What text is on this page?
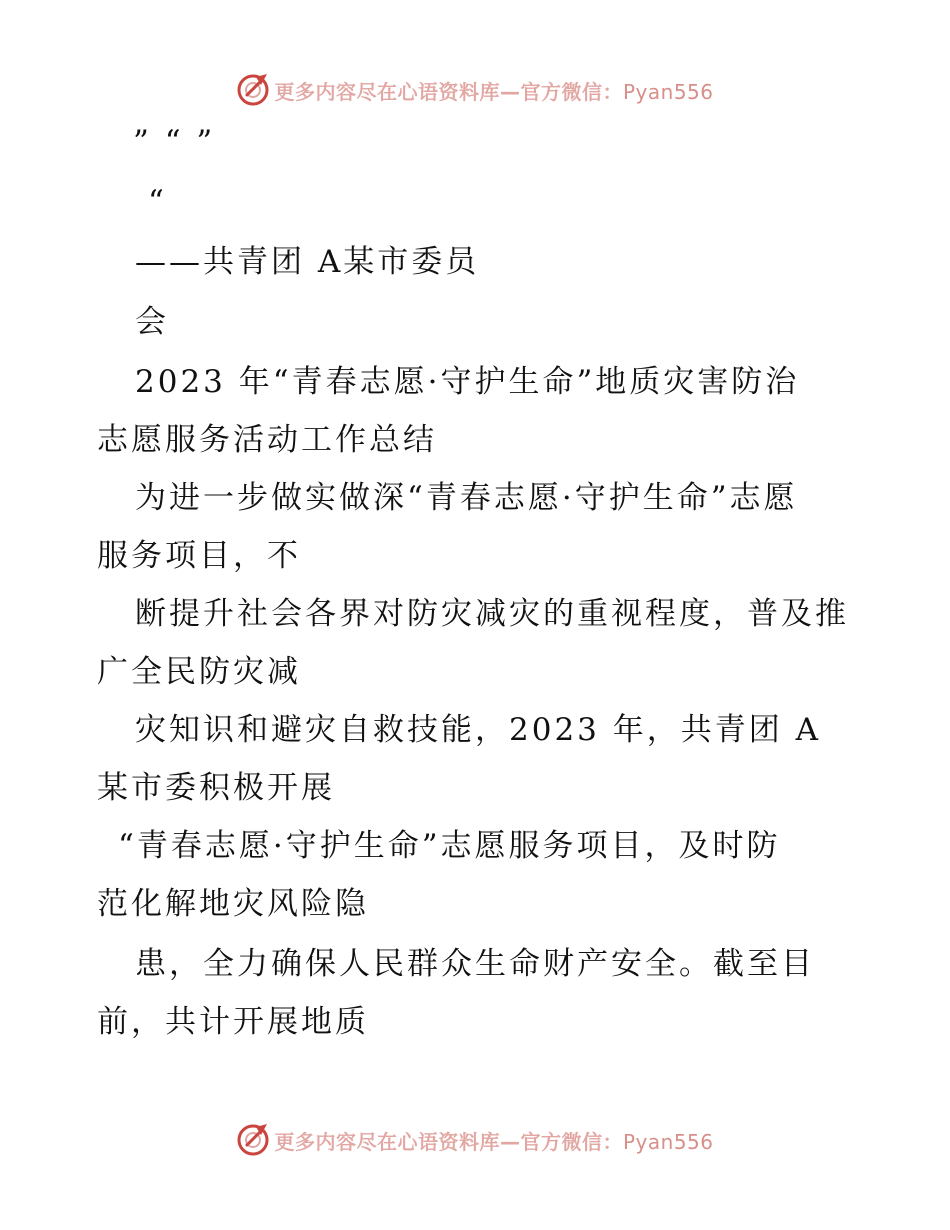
更多内容尽在心语资料库—官方微信：Pyan556
” “ ”
“
——共青团 A某市委员
会
2023 年“青春志愿·守护生命”地质灾害防治
志愿服务活动工作总结
为进一步做实做深“青春志愿·守护生命”志愿
服务项目，不
断提升社会各界对防灾减灾的重视程度，普及推
广全民防灾减
灾知识和避灾自救技能，2023 年，共青团 A
某市委积极开展
“青春志愿·守护生命”志愿服务项目，及时防
范化解地灾风险隐
患，全力确保人民群众生命财产安全。截至目
前，共计开展地质
更多内容尽在心语资料库—官方微信：Pyan556
